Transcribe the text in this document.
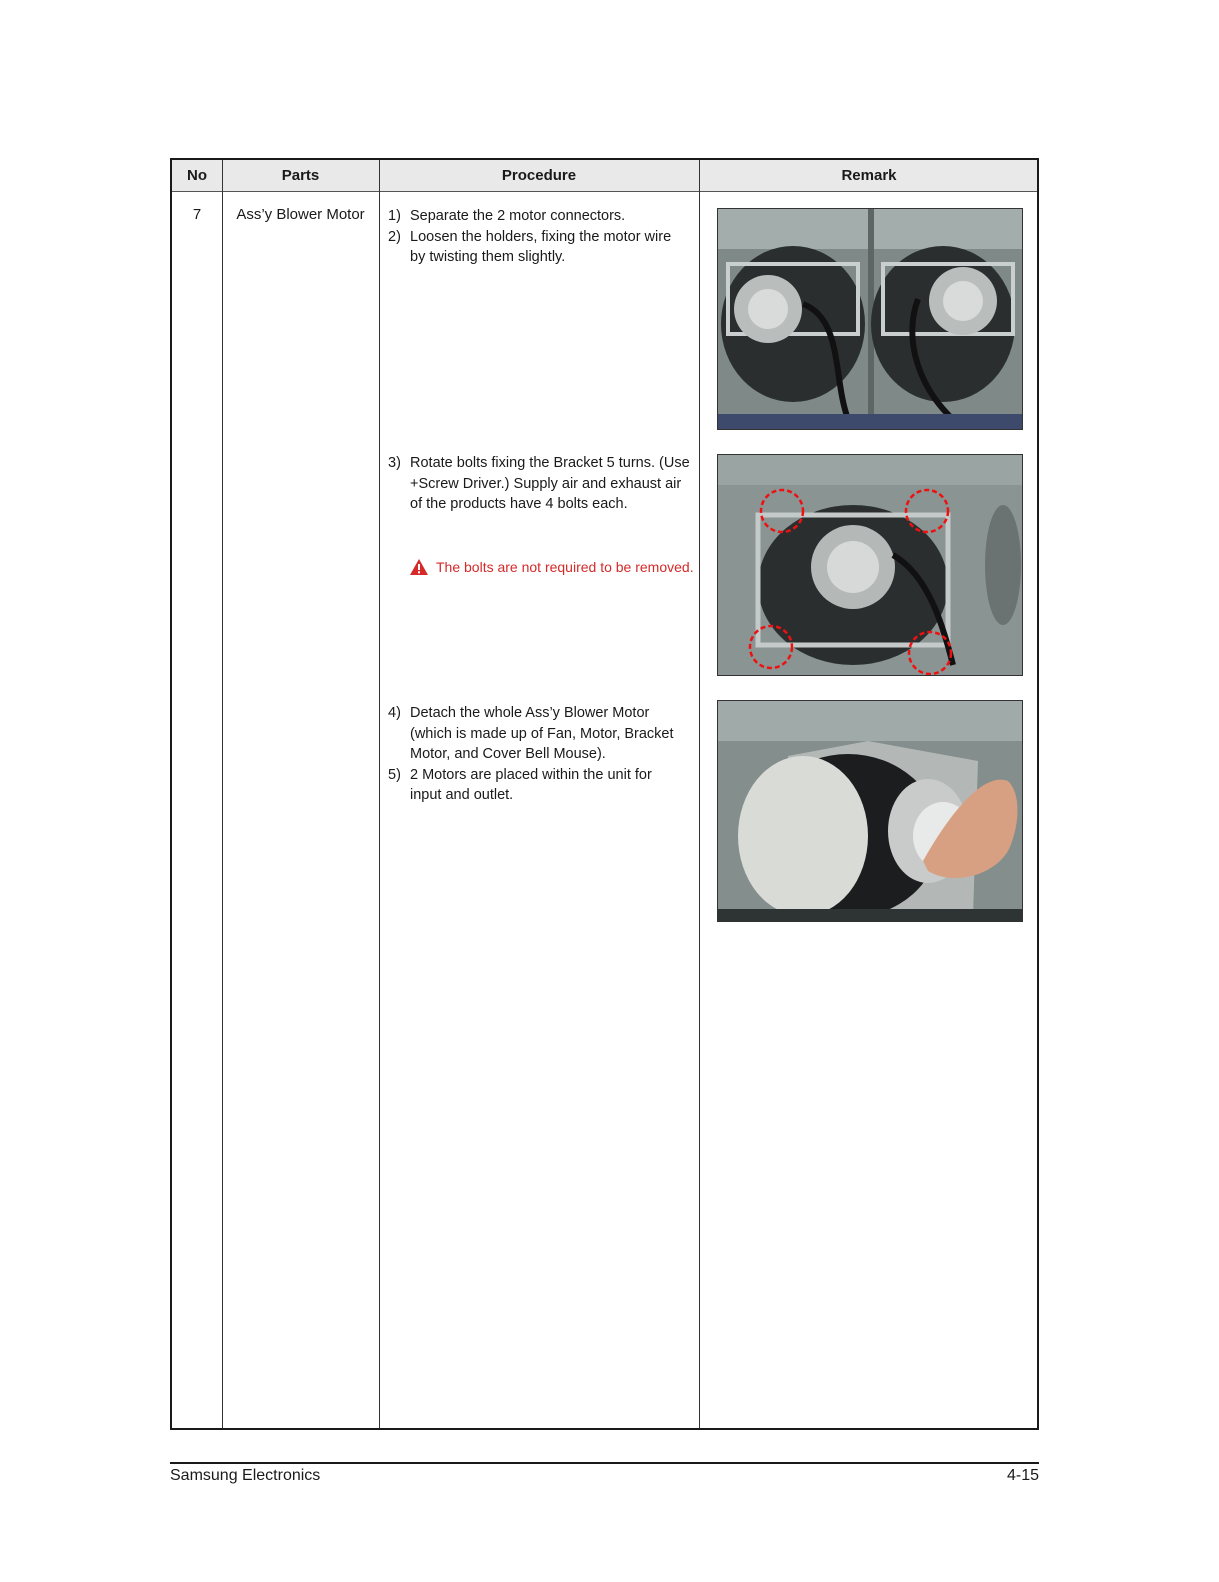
No	Parts	Procedure	Remark
7	Ass’y Blower Motor	1) Separate the 2 motor connectors.

2) Loosen the holders, fixing the motor wire by twisting them slightly.

3) Rotate bolts fixing the Bracket 5 turns. (Use +Screw Driver.) Supply air and exhaust air of the products have 4 bolts each.

The bolts are not required to be removed.

4) Detach the whole Ass’y Blower Motor (which is made up of Fan, Motor, Bracket Motor, and Cover Bell Mouse).

5) 2 Motors are placed within the unit for input and outlet.

Samsung Electronics	4-15
